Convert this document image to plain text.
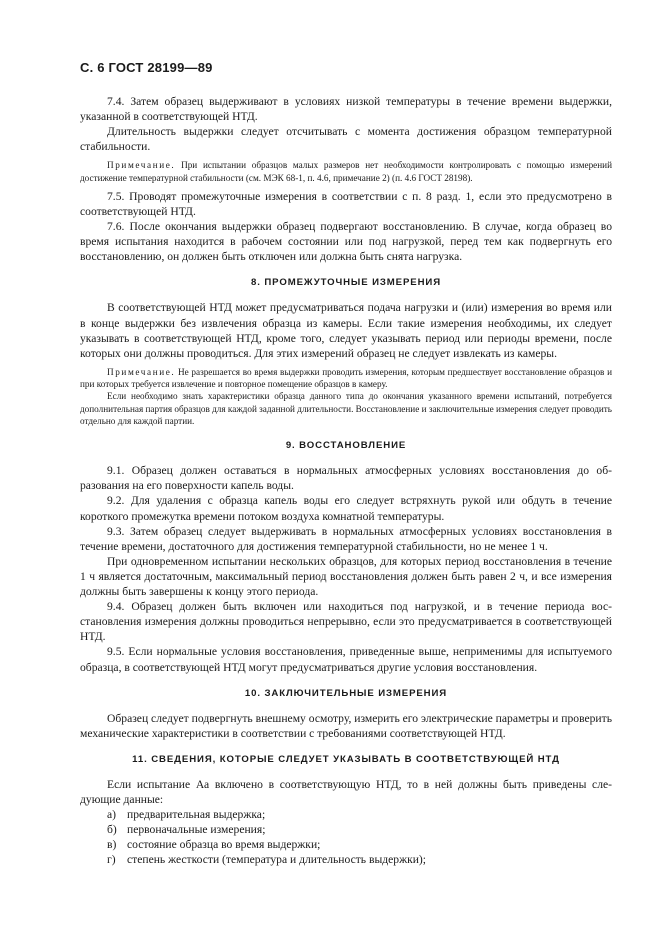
С. 6 ГОСТ 28199—89

7.4. Затем образец выдерживают в условиях низкой температуры в течение времени выдержки, указанной в соответствующей НТД.

Длительность выдержки следует отсчитывать с момента достижения образцом температурной стабильности.

Примечание. При испытании образцов малых размеров нет необходимости контролировать с помощью измерений достижение температурной стабильности (см. МЭК 68-1, п. 4.6, примечание 2) (п. 4.6 ГОСТ 28198).

7.5. Проводят промежуточные измерения в соответствии с п. 8 разд. 1, если это предусмотрено в соответствующей НТД.

7.6. После окончания выдержки образец подвергают восстановлению. В случае, когда образец во время испытания находится в рабочем состоянии или под нагрузкой, перед тем как подвергнуть его восстановлению, он должен быть отключен или должна быть снята нагрузка.

8. ПРОМЕЖУТОЧНЫЕ ИЗМЕРЕНИЯ

В соответствующей НТД может предусматриваться подача нагрузки и (или) измерения во время или в конце выдержки без извлечения образца из камеры. Если такие измерения необходимы, их следует указывать в соответствующей НТД, кроме того, следует указывать период или периоды времени, после которых они должны проводиться. Для этих измерений образец не следует извлекать из камеры.

Примечание. Не разрешается во время выдержки проводить измерения, которым предшествует восстановление образцов и при которых требуется извлечение и повторное помещение образцов в камеру.

Если необходимо знать характеристики образца данного типа до окончания указанного времени испытаний, потребуется дополнительная партия образцов для каждой заданной длительности. Восстановление и заключительные измерения следует проводить отдельно для каждой партии.

9. ВОССТАНОВЛЕНИЕ

9.1. Образец должен оставаться в нормальных атмосферных условиях восстановления до образования на его поверхности капель воды.

9.2. Для удаления с образца капель воды его следует встряхнуть рукой или обдуть в течение короткого промежутка времени потоком воздуха комнатной температуры.

9.3. Затем образец следует выдерживать в нормальных атмосферных условиях восстановления в течение времени, достаточного для достижения температурной стабильности, но не менее 1 ч.

При одновременном испытании нескольких образцов, для которых период восстановления в течение 1 ч является достаточным, максимальный период восстановления должен быть равен 2 ч, и все измерения должны быть завершены к концу этого периода.

9.4. Образец должен быть включен или находиться под нагрузкой, и в течение периода восстановления измерения должны проводиться непрерывно, если это предусматривается в соответствующей НТД.

9.5. Если нормальные условия восстановления, приведенные выше, неприменимы для испытуемого образца, в соответствующей НТД могут предусматриваться другие условия восстановления.

10. ЗАКЛЮЧИТЕЛЬНЫЕ ИЗМЕРЕНИЯ

Образец следует подвергнуть внешнему осмотру, измерить его электрические параметры и проверить механические характеристики в соответствии с требованиями соответствующей НТД.

11. СВЕДЕНИЯ, КОТОРЫЕ СЛЕДУЕТ УКАЗЫВАТЬ В СООТВЕТСТВУЮЩЕЙ НТД

Если испытание Аа включено в соответствующую НТД, то в ней должны быть приведены следующие данные:

а) предварительная выдержка;
б) первоначальные измерения;
в) состояние образца во время выдержки;
г) степень жесткости (температура и длительность выдержки);
